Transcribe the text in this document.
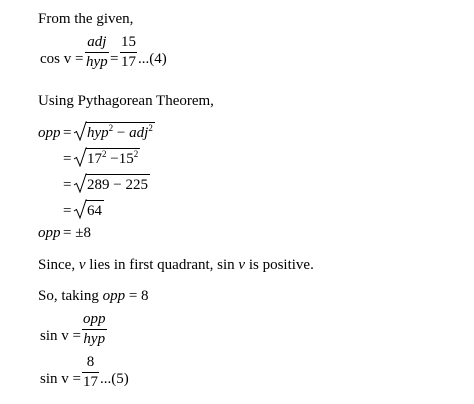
From the given,
cos v =
adj
hyp =
15
17 ...(4)
Using Pythagorean Theorem,
opp = hyp$^2$ − adj$^2$
= $17^2 -15^2$
= 289 − 225
= 64
opp = ±8
Since, v lies in first quadrant, sin v is positive.
So, taking opp = 8
sin v =
opp
hyp
sin v =
8
17 ...(5)
